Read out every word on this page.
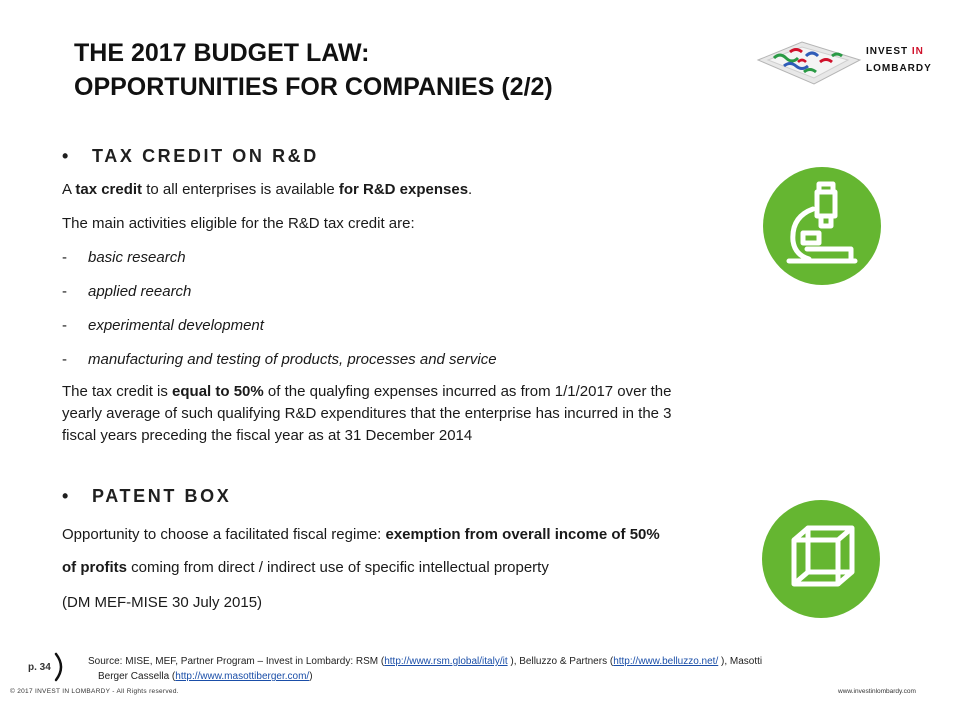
THE 2017 BUDGET LAW:
OPPORTUNITIES FOR COMPANIES (2/2)
INVEST IN
LOMBARDY
• TAX CREDIT ON R&D

A tax credit to all enterprises is available for R&D expenses.

The main activities eligible for the R&D tax credit are:

- basic research
- applied reearch
- experimental development
- manufacturing and testing of products, processes and service
The tax credit is equal to 50% of the qualyfing expenses incurred as from 1/1/2017 over the
yearly average of such qualifying R&D expenditures that the enterprise has incurred in the 3
fiscal years preceding the fiscal year as at 31 December 2014
• PATENT BOX

Opportunity to choose a facilitated fiscal regime: exemption from overall income of 50%

of profits coming from direct / indirect use of specific intellectual property

(DM MEF-MISE 30 July 2015)

p. 34
Source: MISE, MEF, Partner Program – Invest in Lombardy: RSM (http://www.rsm.global/italy/it ), Belluzzo & Partners (http://www.belluzzo.net/ ), Masotti
Berger Cassella (http://www.masottiberger.com/)
© 2017 INVEST IN LOMBARDY - All Rights reserved.	www.investinlombardy.com
